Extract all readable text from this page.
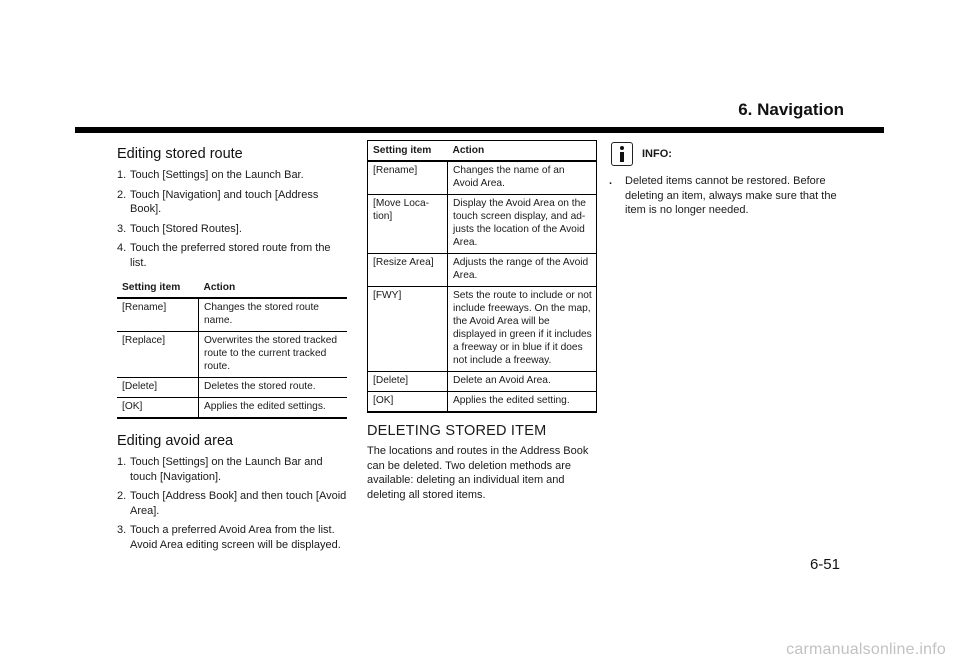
6. Navigation
Editing stored route
1. Touch [Settings] on the Launch Bar.
2. Touch [Navigation] and touch [Address Book].
3. Touch [Stored Routes].
4. Touch the preferred stored route from the list.
Setting item	Action
[Rename]	Changes the stored route name.
[Replace]	Overwrites the stored tracked route to the current tracked route.
[Delete]	Deletes the stored route.
[OK]	Applies the edited settings.
Editing avoid area
1. Touch [Settings] on the Launch Bar and touch [Navigation].
2. Touch [Address Book] and then touch [Avoid Area].
3. Touch a preferred Avoid Area from the list. Avoid Area editing screen will be displayed.
Setting item	Action
[Rename]	Changes the name of an Avoid Area.
[Move Loca- tion]	Display the Avoid Area on the touch screen display, and ad- justs the location of the Avoid Area.
[Resize Area]	Adjusts the range of the Avoid Area.
[FWY]	Sets the route to include or not include freeways. On the map, the Avoid Area will be displayed in green if it includes a freeway or in blue if it does not include a freeway.
[Delete]	Delete an Avoid Area.
[OK]	Applies the edited setting.
DELETING STORED ITEM

The locations and routes in the Address Book can be deleted. Two deletion methods are available: deleting an individual item and deleting all stored items.

INFO:
.	Deleted items cannot be restored. Before deleting an item, always make sure that the item is no longer needed.
6-51
carmanualsonline.info
